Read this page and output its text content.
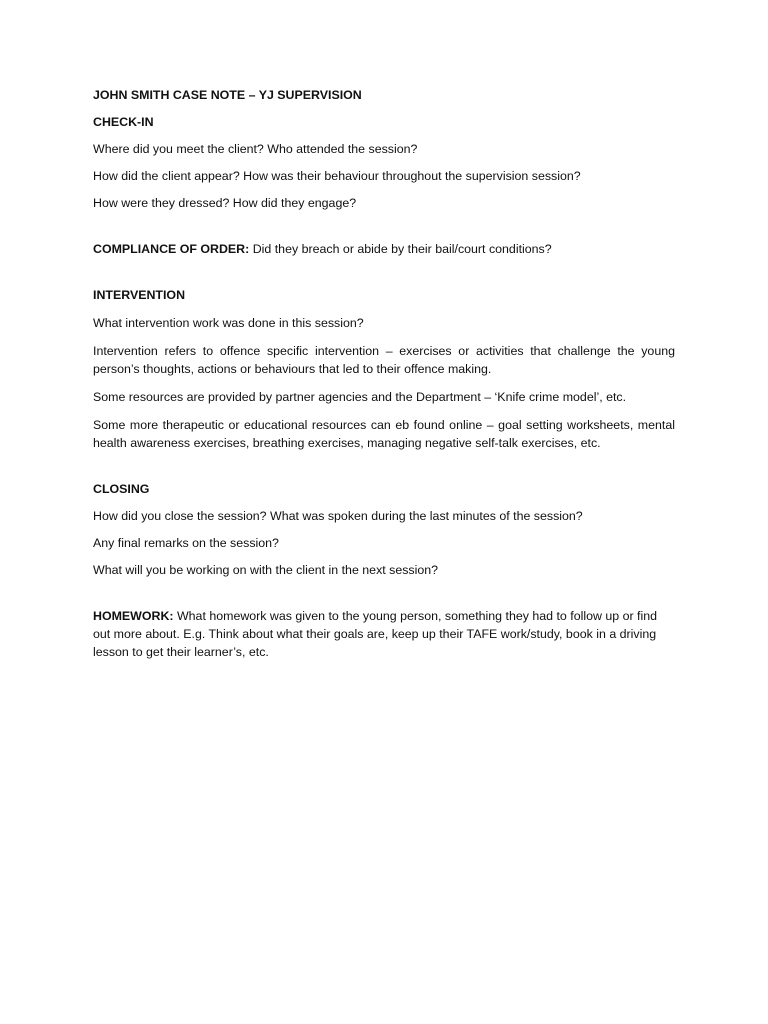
JOHN SMITH CASE NOTE – YJ SUPERVISION

CHECK-IN

Where did you meet the client? Who attended the session?

How did the client appear? How was their behaviour throughout the supervision session?

How were they dressed? How did they engage?

COMPLIANCE OF ORDER: Did they breach or abide by their bail/court conditions?

INTERVENTION

What intervention work was done in this session?

Intervention refers to offence specific intervention – exercises or activities that challenge the young person’s thoughts, actions or behaviours that led to their offence making.

Some resources are provided by partner agencies and the Department – ‘Knife crime model’, etc.

Some more therapeutic or educational resources can eb found online – goal setting worksheets, mental health awareness exercises, breathing exercises, managing negative self-talk exercises, etc.

CLOSING

How did you close the session? What was spoken during the last minutes of the session?

Any final remarks on the session?

What will you be working on with the client in the next session?

HOMEWORK: What homework was given to the young person, something they had to follow up or find out more about. E.g. Think about what their goals are, keep up their TAFE work/study, book in a driving lesson to get their learner’s, etc.
